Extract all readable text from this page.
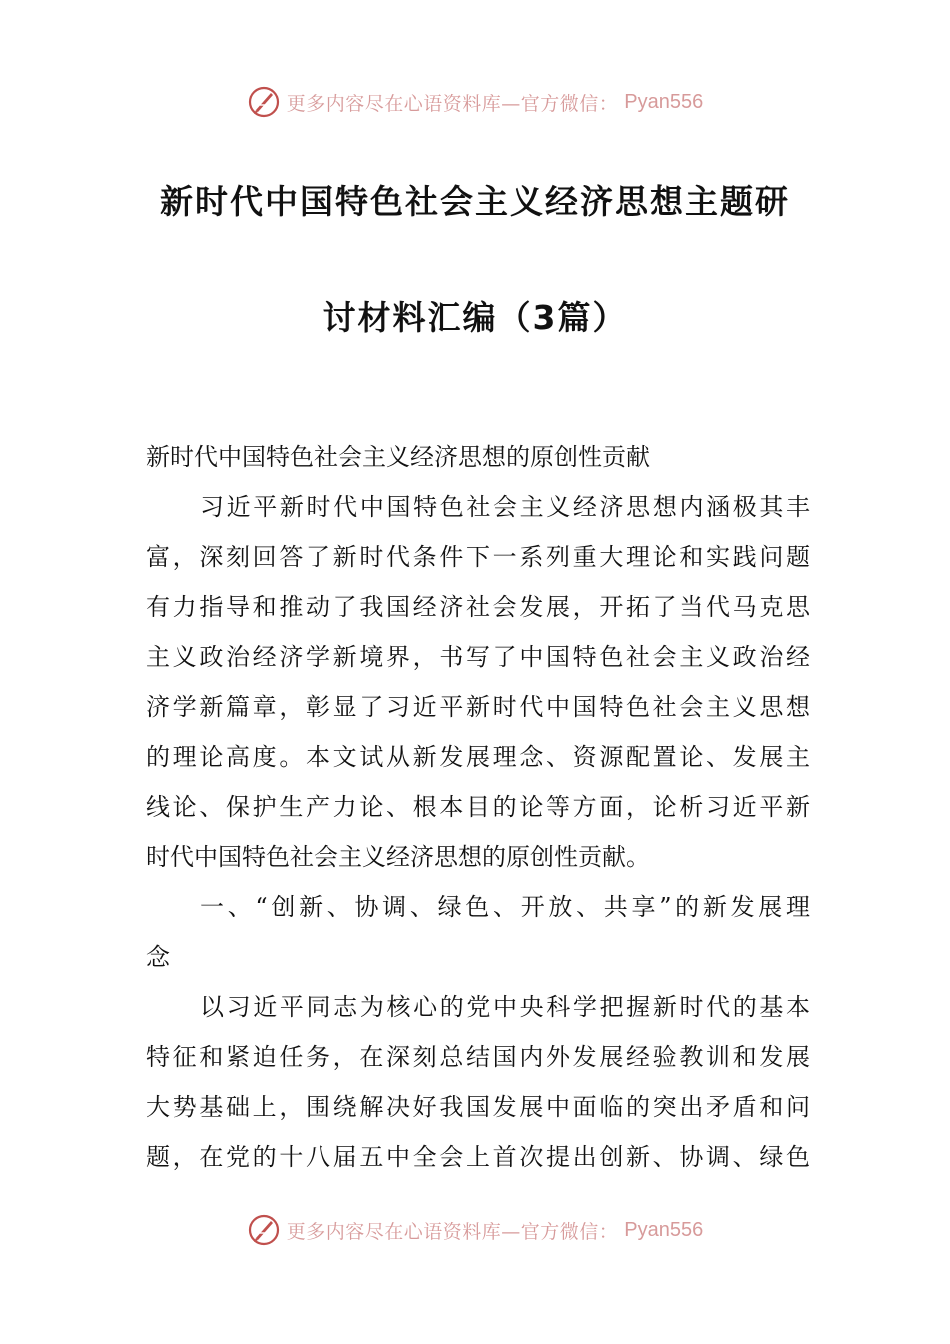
更多内容尽在心语资料库—官方微信： Pyan556
新时代中国特色社会主义经济思想主题研
讨材料汇编（3篇）
新时代中国特色社会主义经济思想的原创性贡献
习近平新时代中国特色社会主义经济思想内涵极其丰
富，深刻回答了新时代条件下一系列重大理论和实践问题
有力指导和推动了我国经济社会发展，开拓了当代马克思
主义政治经济学新境界，书写了中国特色社会主义政治经
济学新篇章，彰显了习近平新时代中国特色社会主义思想
的理论高度。本文试从新发展理念、资源配置论、发展主
线论、保护生产力论、根本目的论等方面，论析习近平新
时代中国特色社会主义经济思想的原创性贡献。
一、“创新、协调、绿色、开放、共享”的新发展理
念
以习近平同志为核心的党中央科学把握新时代的基本
特征和紧迫任务，在深刻总结国内外发展经验教训和发展
大势基础上，围绕解决好我国发展中面临的突出矛盾和问
题，在党的十八届五中全会上首次提出创新、协调、绿色
更多内容尽在心语资料库—官方微信： Pyan556
